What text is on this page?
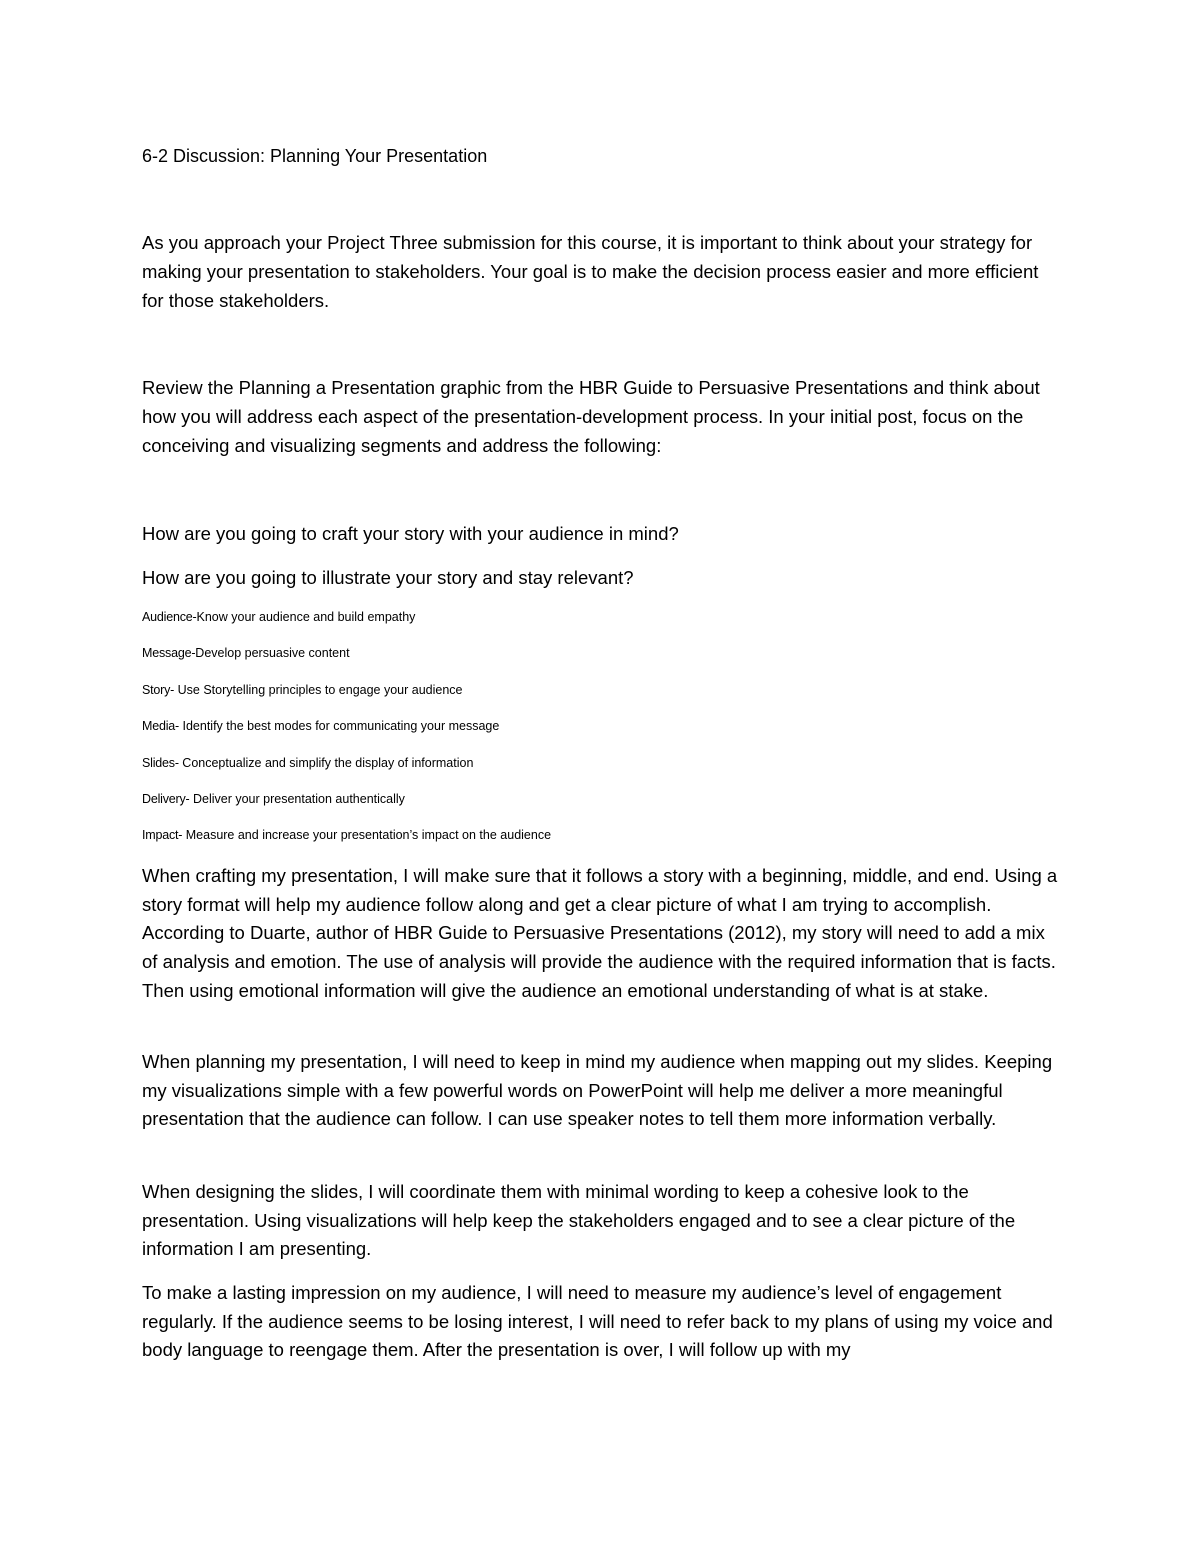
6-2 Discussion: Planning Your Presentation

As you approach your Project Three submission for this course, it is important to think about your strategy for making your presentation to stakeholders. Your goal is to make the decision process easier and more efficient for those stakeholders.

Review the Planning a Presentation graphic from the HBR Guide to Persuasive Presentations and think about how you will address each aspect of the presentation-development process. In your initial post, focus on the conceiving and visualizing segments and address the following:

How are you going to craft your story with your audience in mind?

How are you going to illustrate your story and stay relevant?

Audience-Know your audience and build empathy
Message-Develop persuasive content
Story- Use Storytelling principles to engage your audience
Media- Identify the best modes for communicating your message
Slides- Conceptualize and simplify the display of information
Delivery- Deliver your presentation authentically
Impact- Measure and increase your presentation’s impact on the audience

When crafting my presentation, I will make sure that it follows a story with a beginning, middle, and end. Using a story format will help my audience follow along and get a clear picture of what I am trying to accomplish. According to Duarte, author of HBR Guide to Persuasive Presentations (2012), my story will need to add a mix of analysis and emotion. The use of analysis will provide the audience with the required information that is facts. Then using emotional information will give the audience an emotional understanding of what is at stake.

When planning my presentation, I will need to keep in mind my audience when mapping out my slides. Keeping my visualizations simple with a few powerful words on PowerPoint will help me deliver a more meaningful presentation that the audience can follow. I can use speaker notes to tell them more information verbally.

When designing the slides, I will coordinate them with minimal wording to keep a cohesive look to the presentation. Using visualizations will help keep the stakeholders engaged and to see a clear picture of the information I am presenting.

To make a lasting impression on my audience, I will need to measure my audience’s level of engagement regularly. If the audience seems to be losing interest, I will need to refer back to my plans of using my voice and body language to reengage them. After the presentation is over, I will follow up with my
